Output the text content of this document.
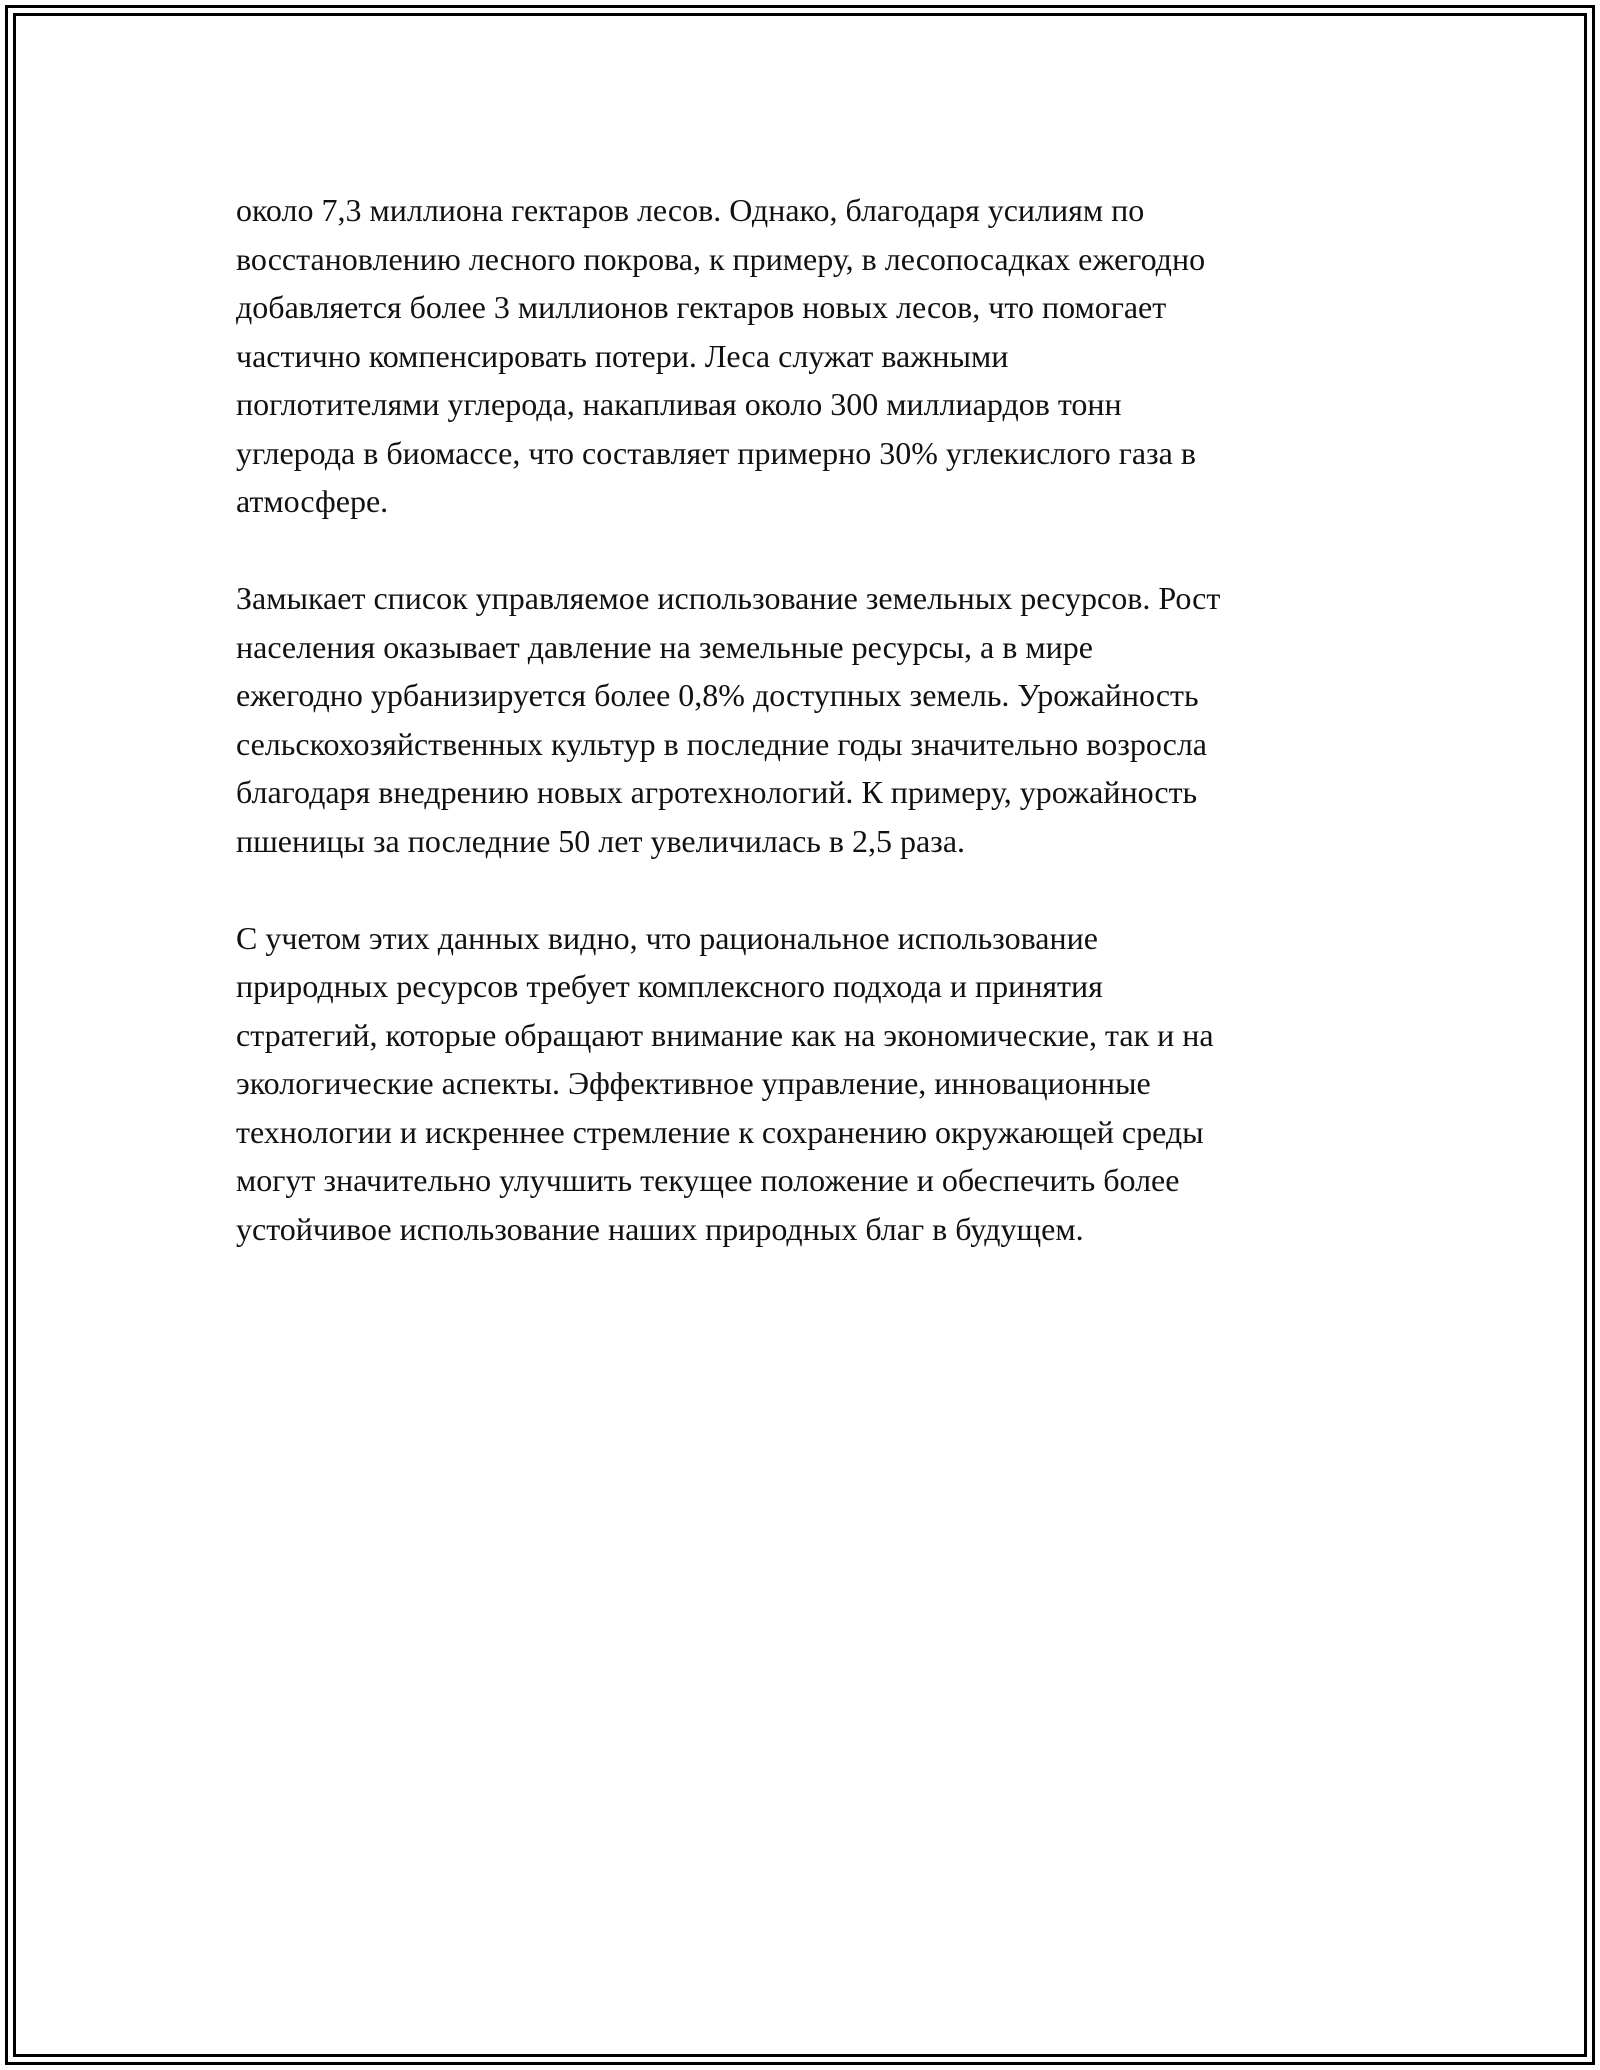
около 7,3 миллиона гектаров лесов. Однако, благодаря усилиям по
восстановлению лесного покрова, к примеру, в лесопосадках ежегодно
добавляется более 3 миллионов гектаров новых лесов, что помогает
частично компенсировать потери. Леса служат важными
поглотителями углерода, накапливая около 300 миллиардов тонн
углерода в биомассе, что составляет примерно 30% углекислого газа в
атмосфере.

Замыкает список управляемое использование земельных ресурсов. Рост
населения оказывает давление на земельные ресурсы, а в мире
ежегодно урбанизируется более 0,8% доступных земель. Урожайность
сельскохозяйственных культур в последние годы значительно возросла
благодаря внедрению новых агротехнологий. К примеру, урожайность
пшеницы за последние 50 лет увеличилась в 2,5 раза.

С учетом этих данных видно, что рациональное использование
природных ресурсов требует комплексного подхода и принятия
стратегий, которые обращают внимание как на экономические, так и на
экологические аспекты. Эффективное управление, инновационные
технологии и искреннее стремление к сохранению окружающей среды
могут значительно улучшить текущее положение и обеспечить более
устойчивое использование наших природных благ в будущем.
